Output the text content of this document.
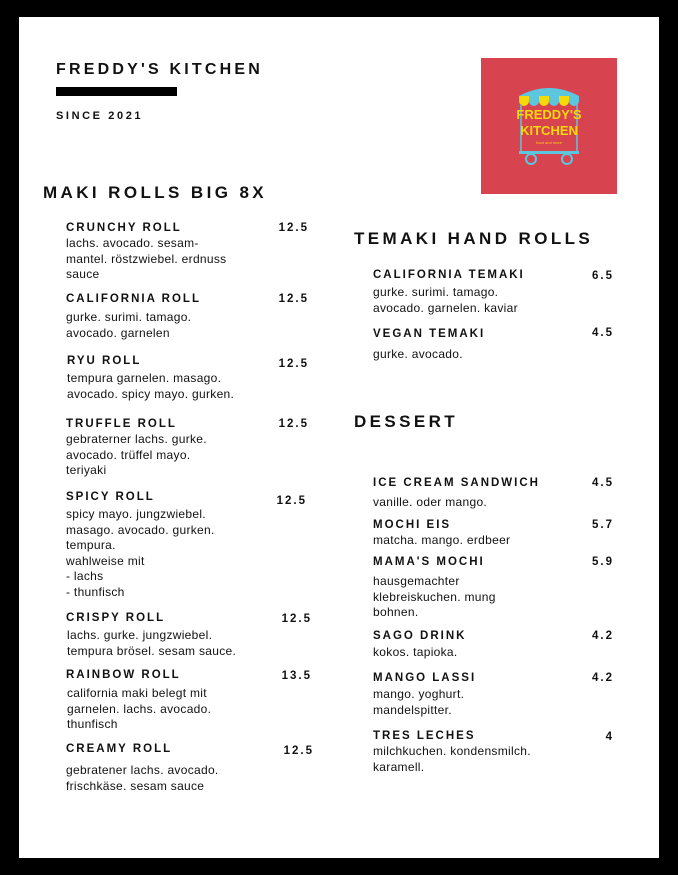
FREDDY'S KITCHEN
SINCE 2021	FREDDY'S
KITCHEN
food and more
MAKI ROLLS BIG 8X
CRUNCHY ROLL	12.5
lachs. avocado. sesam-
mantel. röstzwiebel. erdnuss
sauce
CALIFORNIA ROLL	12.5
gurke. surimi. tamago.
avocado. garnelen
RYU ROLL	12.5
tempura garnelen. masago.
avocado. spicy mayo. gurken.
TRUFFLE ROLL	12.5
gebraterner lachs. gurke.
avocado. trüffel mayo.
teriyaki
SPICY ROLL	12.5
spicy mayo. jungzwiebel.
masago. avocado. gurken.
tempura.
wahlweise mit
- lachs
- thunfisch
CRISPY ROLL	12.5
lachs. gurke. jungzwiebel.
tempura brösel. sesam sauce.
RAINBOW ROLL	13.5
california maki belegt mit
garnelen. lachs. avocado.
thunfisch
CREAMY ROLL	12.5
gebratener lachs. avocado.
frischkäse. sesam sauce
TEMAKI HAND ROLLS
CALIFORNIA TEMAKI	6.5
gurke. surimi. tamago.
avocado. garnelen. kaviar
VEGAN TEMAKI	4.5
gurke. avocado.
DESSERT
ICE CREAM SANDWICH	4.5
vanille. oder mango.
MOCHI EIS	5.7
matcha. mango. erdbeer
MAMA'S MOCHI	5.9
hausgemachter
klebreiskuchen. mung
bohnen.
SAGO DRINK	4.2
kokos. tapioka.
MANGO LASSI	4.2
mango. yoghurt.
mandelspitter.
TRES LECHES	4
milchkuchen. kondensmilch.
karamell.
